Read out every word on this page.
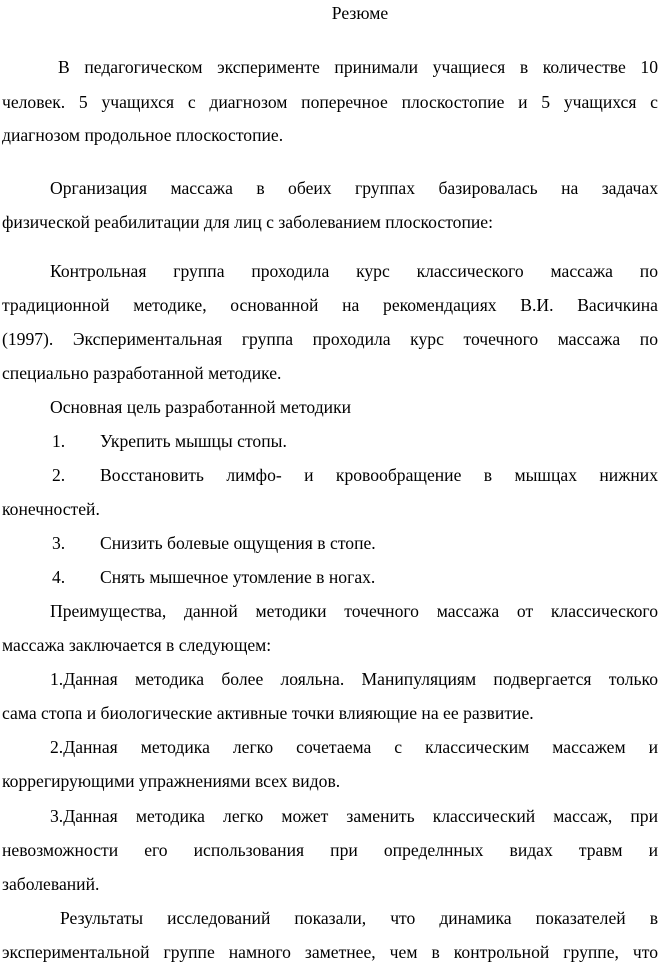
Резюме
В педагогическом эксперименте принимали учащиеся в количестве 10
человек. 5 учащихся с диагнозом поперечное плоскостопие и 5 учащихся с
диагнозом продольное плоскостопие.
Организация массажа в обеих группах базировалась на задачах
физической реабилитации для лиц с заболеванием плоскостопие:
Контрольная группа проходила курс классического массажа по
традиционной методике, основанной на рекомендациях В.И. Васичкина
(1997). Экспериментальная группа проходила курс точечного массажа по
специально разработанной методике.
Основная цель разработанной методики
1. Укрепить мышцы стопы.
2. Восстановить лимфо- и кровообращение в мышцах нижних
конечностей.
3. Снизить болевые ощущения в стопе.
4. Снять мышечное утомление в ногах.
Преимущества, данной методики точечного массажа от классического
массажа заключается в следующем:
1.Данная методика более лояльна. Манипуляциям подвергается только
сама стопа и биологические активные точки влияющие на ее развитие.
2.Данная методика легко сочетаема с классическим массажем и
коррегирующими упражнениями всех видов.
3.Данная методика легко может заменить классический массаж, при
невозможности его использования при определнных видах травм и
заболеваний.
Результаты исследований показали, что динамика показателей в
экспериментальной группе намного заметнее, чем в контрольной группе, что
